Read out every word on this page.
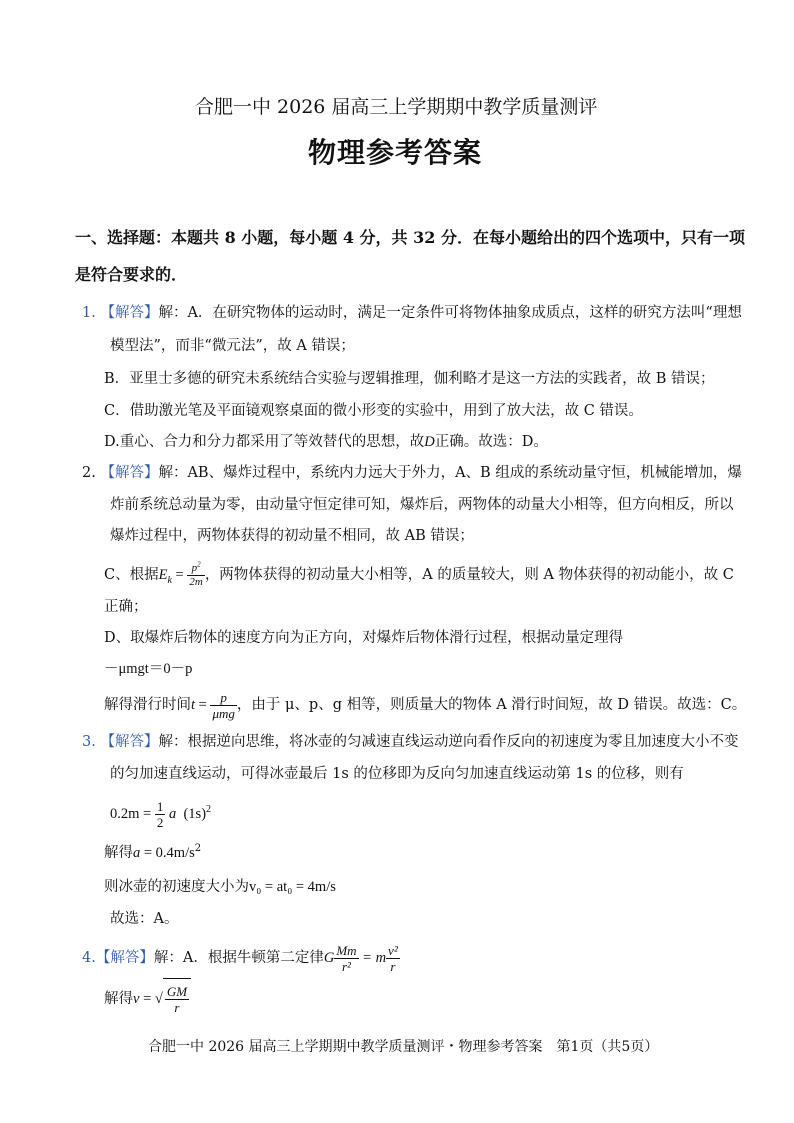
合肥一中 2026 届高三上学期期中教学质量测评
物理参考答案
一、选择题：本题共 8 小题，每小题 4 分，共 32 分．在每小题给出的四个选项中，只有一项
是符合要求的．
1. 【解答】解：A．在研究物体的运动时，满足一定条件可将物体抽象成质点，这样的研究方法叫“理想
模型法”，而非“微元法”，故 A 错误；
B．亚里士多德的研究未系统结合实验与逻辑推理，伽利略才是这一方法的实践者，故 B 错误；
C．借助激光笔及平面镜观察桌面的微小形变的实验中，用到了放大法，故 C 错误。
D.重心、合力和分力都采用了等效替代的思想，故D正确。故选：D。
2. 【解答】解：AB、爆炸过程中，系统内力远大于外力，A、B 组成的系统动量守恒，机械能增加，爆
炸前系统总动量为零，由动量守恒定律可知，爆炸后，两物体的动量大小相等，但方向相反，所以
爆炸过程中，两物体获得的初动量不相同，故 AB 错误；
C、根据$E_k = \frac{p^2}{2m}$ ，两物体获得的初动量大小相等，A 的质量较大，则 A 物体获得的初动能小，故 C
正确；
D、取爆炸后物体的速度方向为正方向，对爆炸后物体滑行过程，根据动量定理得
－μmgt＝0－p
解得滑行时间$t = \frac{p}{\text{μmg}}$ ，由于 μ、p、g 相等，则质量大的物体 A 滑行时间短，故 D 错误。故选：C。
3. 【解答】解：根据逆向思维，将冰壶的匀减速直线运动逆向看作反向的初速度为零且加速度大小不变
的匀加速直线运动，可得冰壶最后 1s 的位移即为反向匀加速直线运动第 1s 的位移，则有
$0.2m = \frac{1}{2}$ a $(1s)^2$
解得$a = 0.4m/s^2$
则冰壶的初速度大小为v₀ = at₀ = 4m/s
故选：A。
4.【解答】解：A．根据牛顿第二定律G $\frac{Mm}{\text{r²}} = m \frac{\text{v²}}{r}$
解得v = √ $\frac{GM}{r}$
合肥一中 2026 届高三上学期期中教学质量测评・物理参考答案　第1页（共5页）
